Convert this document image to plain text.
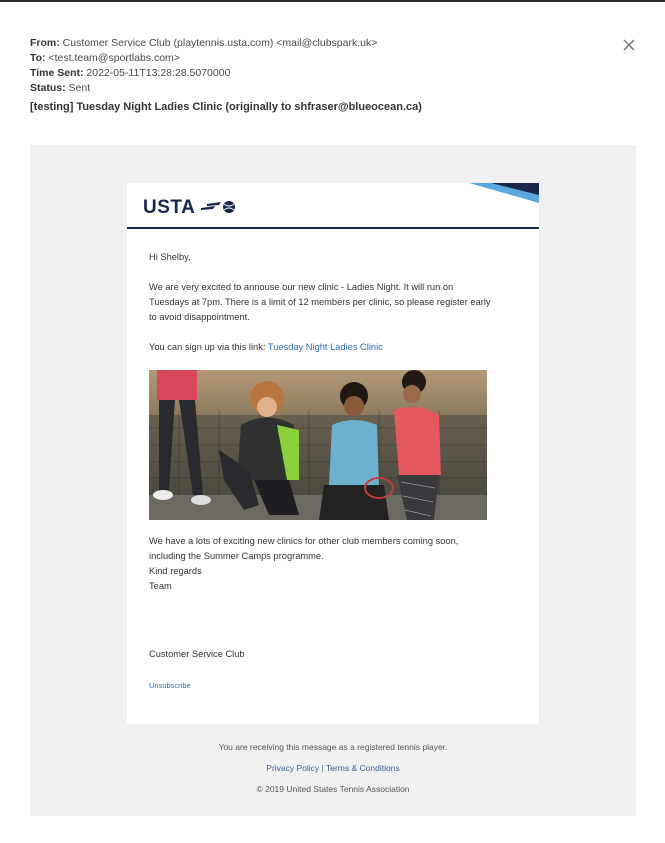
From: Customer Service Club (playtennis.usta.com) <mail@clubspark.uk>
To: <test.team@sportlabs.com>
Time Sent: 2022-05-11T13:28:28.5070000
Status: Sent
[testing] Tuesday Night Ladies Clinic (originally to shfraser@blueocean.ca)
USTA
Hi Shelby,
We are very excited to annouse our new clinic - Ladies Night. It will run on Tuesdays at 7pm. There is a limit of 12 members per clinic, so please register early to avoid disappointment.
You can sign up via this link: Tuesday Night Ladies Clinic
We have a lots of exciting new clinics for other club members coming soon, including the Summer Camps programme.
Kind regards
Team
Customer Service Club
Unsubscribe
You are receiving this message as a registered tennis player.
Privacy Policy | Terms & Conditions
© 2019 United States Tennis Association
